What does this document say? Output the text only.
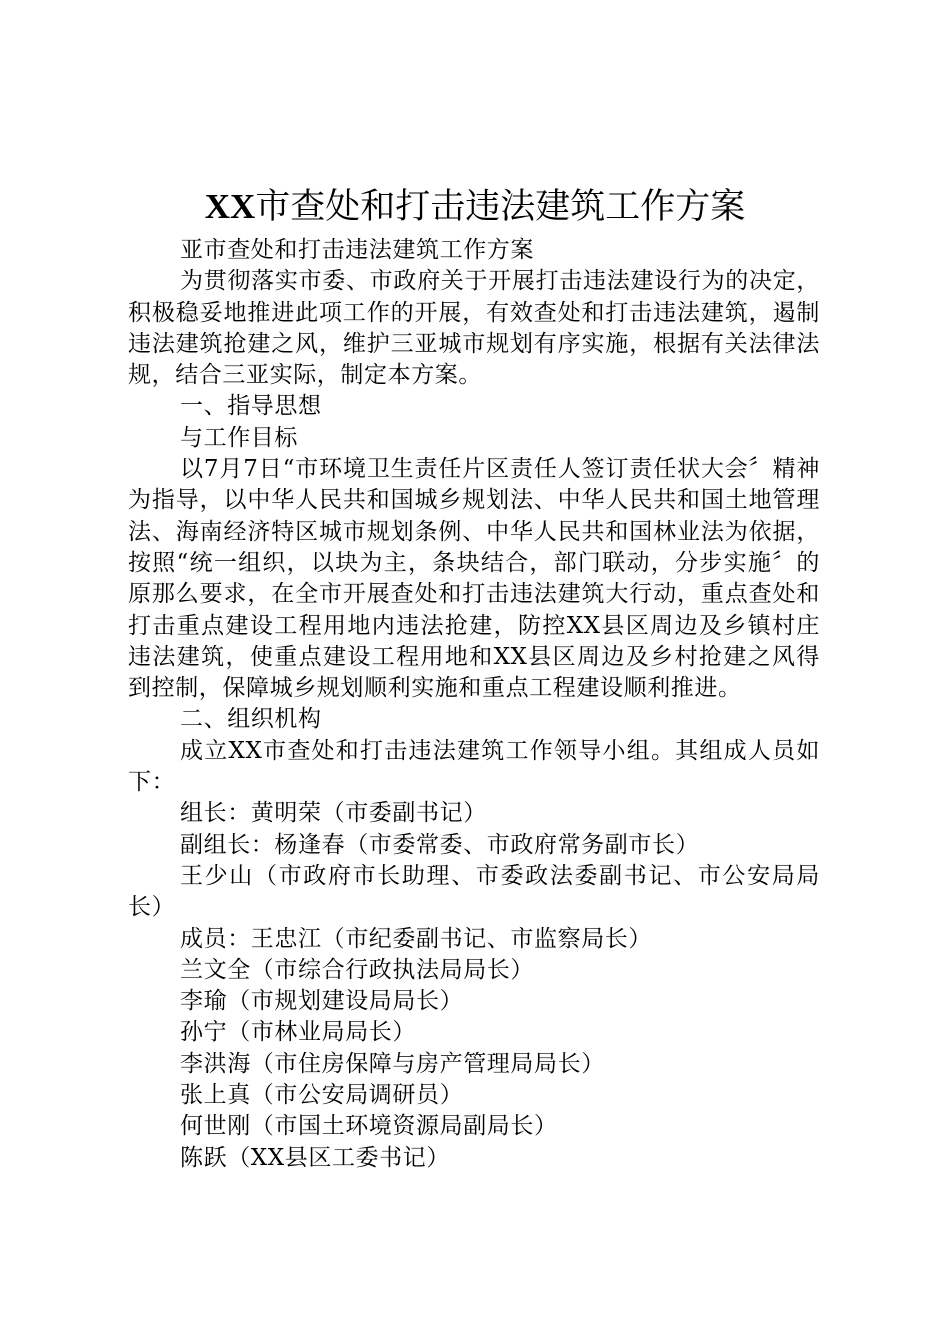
XX市查处和打击违法建筑工作方案

亚市查处和打击违法建筑工作方案

为贯彻落实市委、市政府关于开展打击违法建设行为的决定，积极稳妥地推进此项工作的开展，有效查处和打击违法建筑，遏制违法建筑抢建之风，维护三亚城市规划有序实施，根据有关法律法规，结合三亚实际，制定本方案。

一、指导思想

与工作目标

以7月7日“市环境卫生责任片区责任人签订责任状大会〞精神为指导，以中华人民共和国城乡规划法、中华人民共和国土地管理法、海南经济特区城市规划条例、中华人民共和国林业法为依据，按照“统一组织，以块为主，条块结合，部门联动，分步实施〞的原那么要求，在全市开展查处和打击违法建筑大行动，重点查处和打击重点建设工程用地内违法抢建，防控XX县区周边及乡镇村庄违法建筑，使重点建设工程用地和XX县区周边及乡村抢建之风得到控制，保障城乡规划顺利实施和重点工程建设顺利推进。

二、组织机构

成立XX市查处和打击违法建筑工作领导小组。其组成人员如下：

组长：黄明荣（市委副书记）

副组长：杨逢春（市委常委、市政府常务副市长）

王少山（市政府市长助理、市委政法委副书记、市公安局局长）

成员：王忠江（市纪委副书记、市监察局长）

兰文全（市综合行政执法局局长）

李瑜（市规划建设局局长）

孙宁（市林业局局长）

李洪海（市住房保障与房产管理局局长）

张上真（市公安局调研员）

何世刚（市国土环境资源局副局长）

陈跃（XX县区工委书记）
